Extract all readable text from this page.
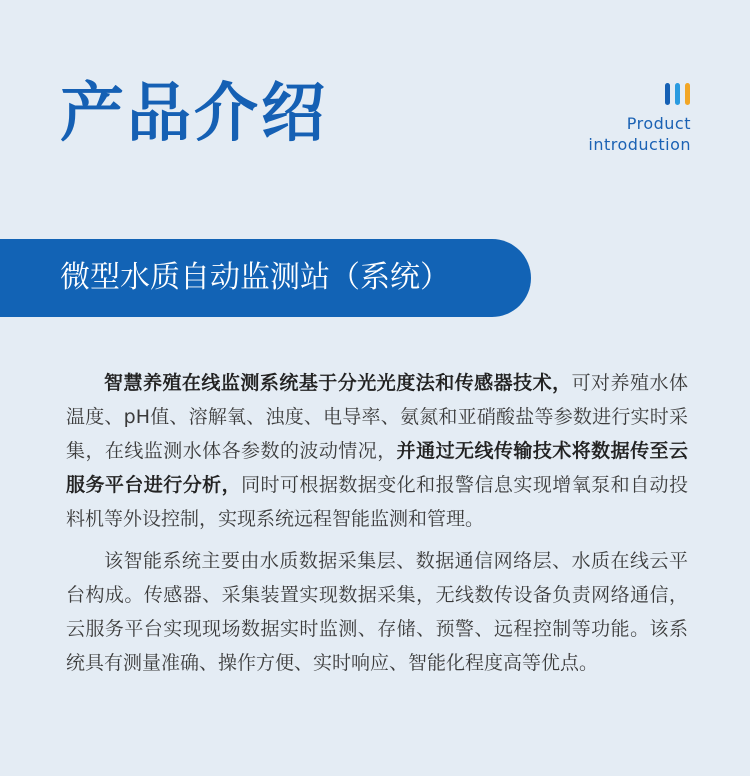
产品介绍	Product
introduction
微型水质自动监测站（系统）

智慧养殖在线监测系统基于分光光度法和传感器技术，可对养殖水体温度、pH值、溶解氧、浊度、电导率、氨氮和亚硝酸盐等参数进行实时采集，在线监测水体各参数的波动情况，并通过无线传输技术将数据传至云服务平台进行分析，同时可根据数据变化和报警信息实现增氧泵和自动投料机等外设控制，实现系统远程智能监测和管理。

该智能系统主要由水质数据采集层、数据通信网络层、水质在线云平台构成。传感器、采集装置实现数据采集，无线数传设备负责网络通信，云服务平台实现现场数据实时监测、存储、预警、远程控制等功能。该系统具有测量准确、操作方便、实时响应、智能化程度高等优点。
